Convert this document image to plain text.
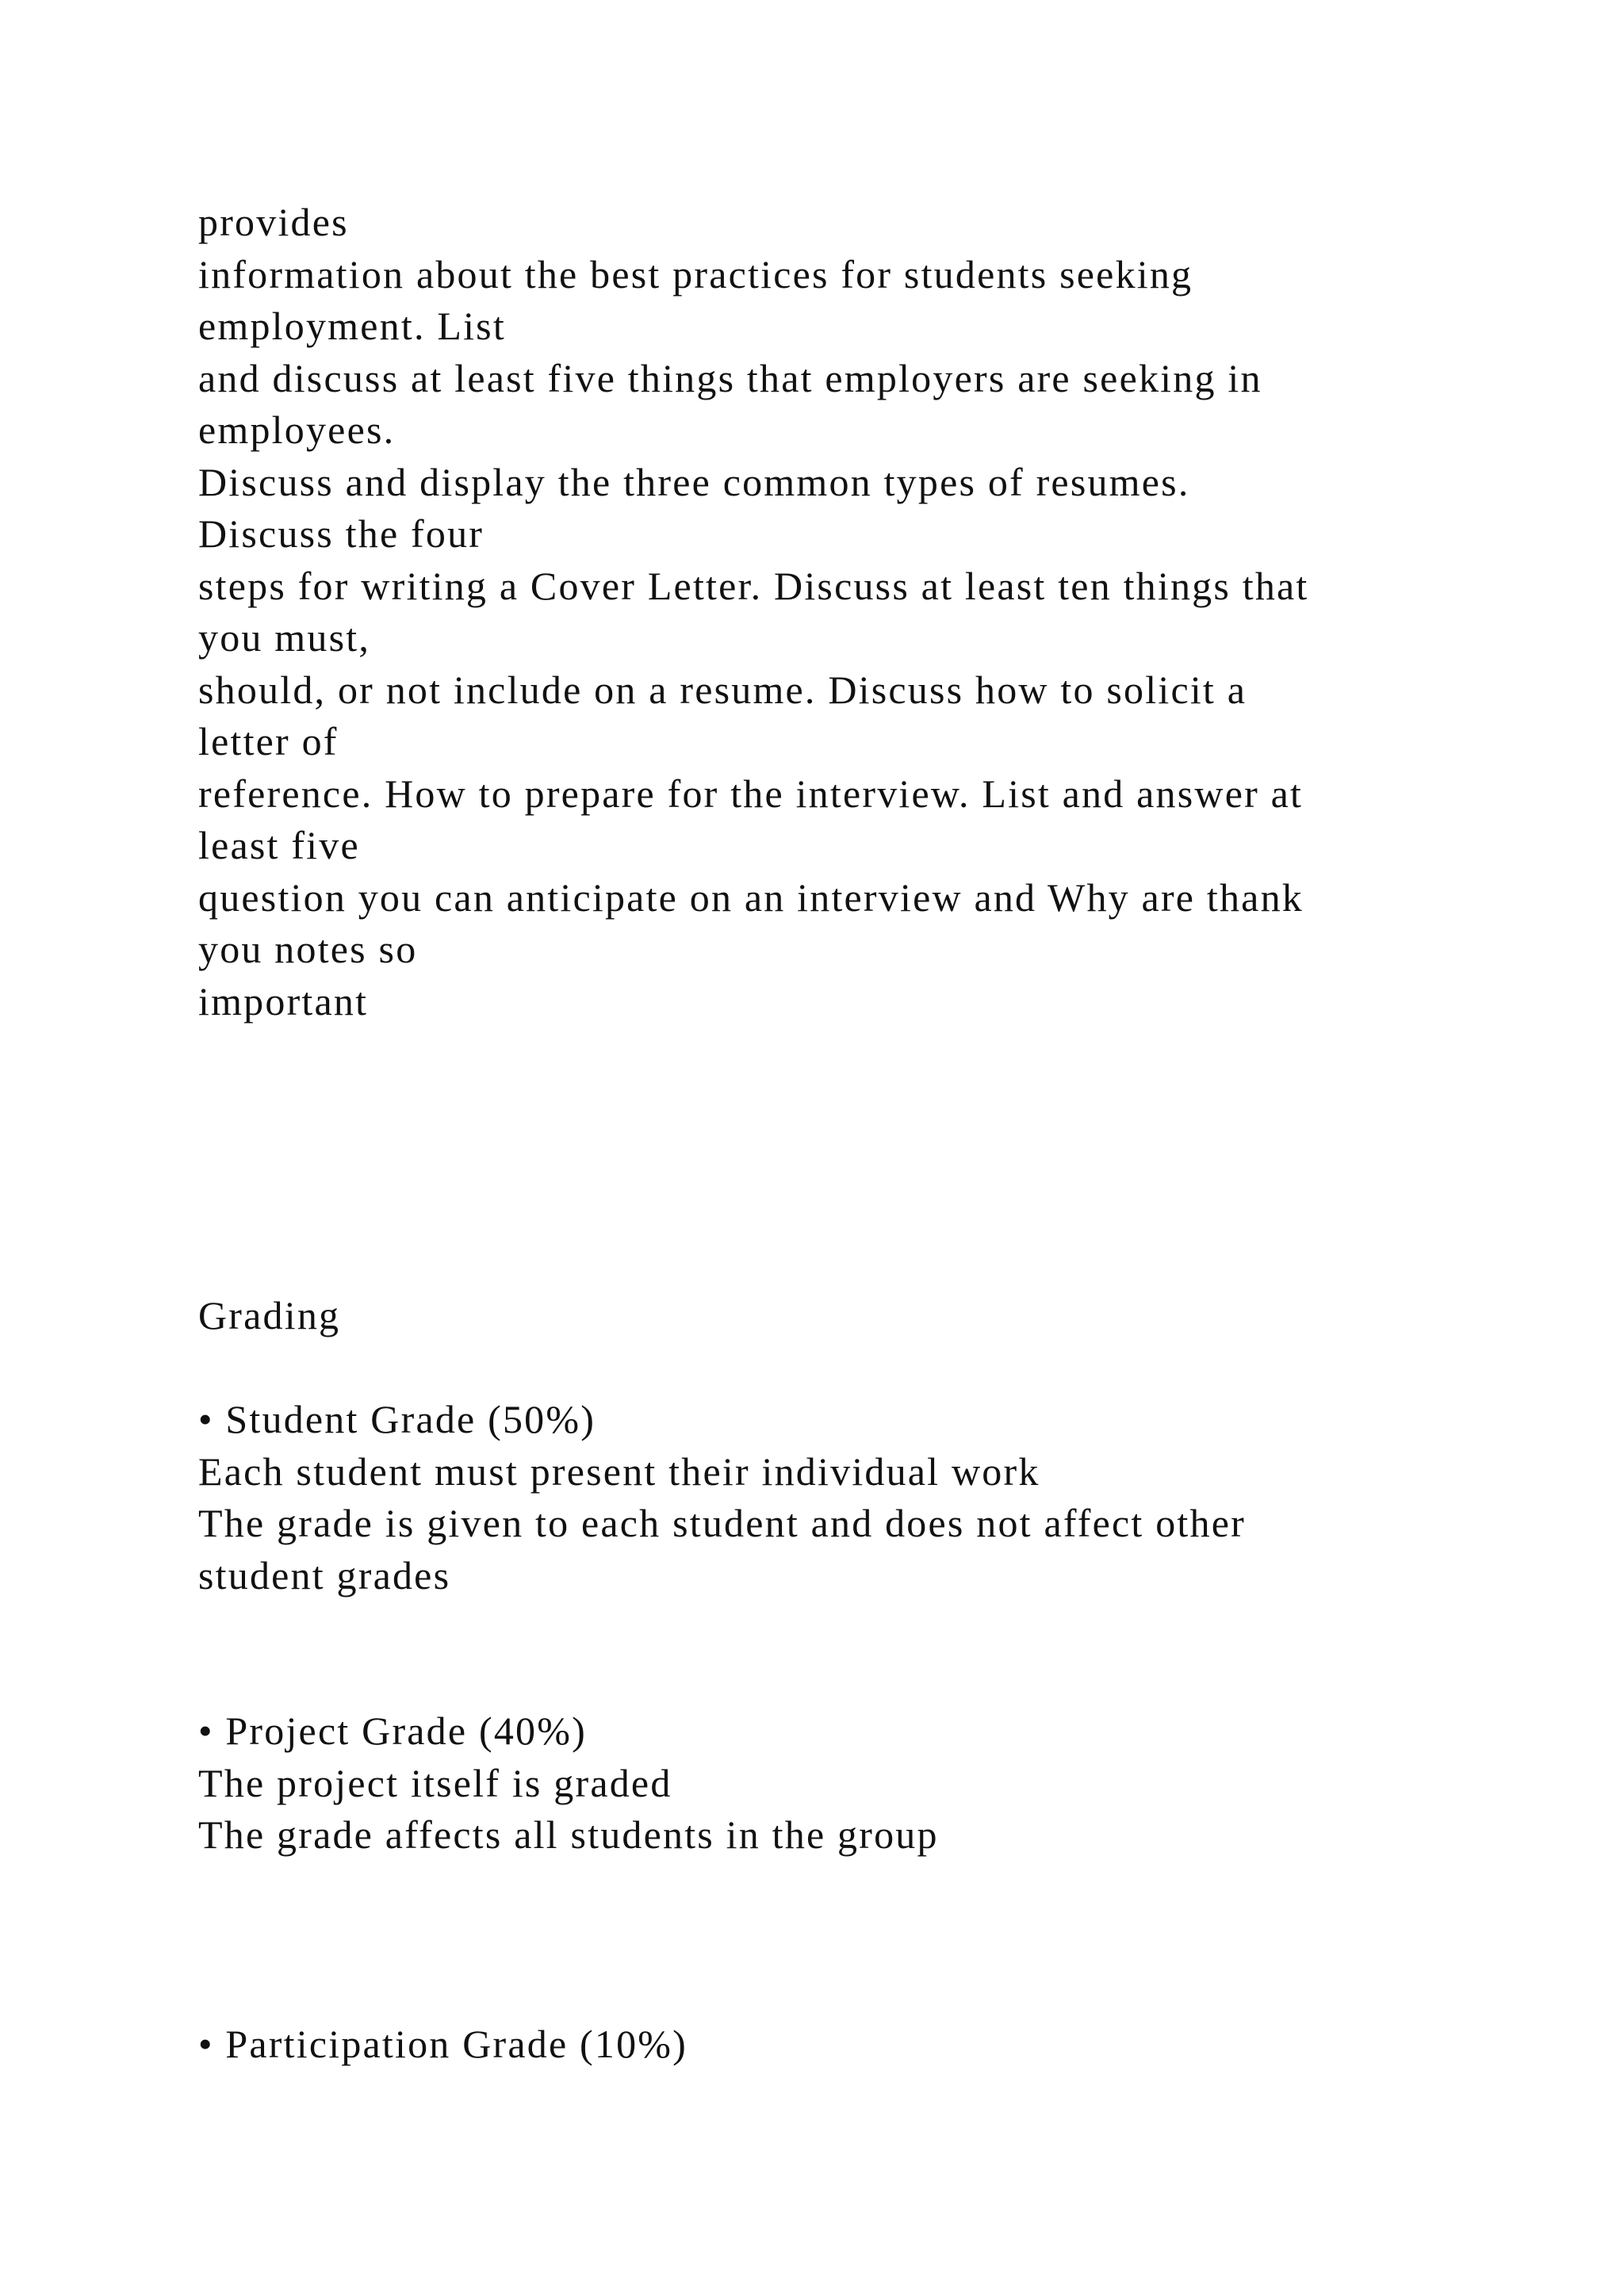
provides
information about the best practices for students seeking
employment. List
and discuss at least five things that employers are seeking in
employees.
Discuss and display the three common types of resumes.
Discuss the four
steps for writing a Cover Letter. Discuss at least ten things that
you must,
should, or not include on a resume. Discuss how to solicit a
letter of
reference. How to prepare for the interview. List and answer at
least five
question you can anticipate on an interview and Why are thank
you notes so
important
Grading
• Student Grade (50%)
Each student must present their individual work
The grade is given to each student and does not affect other
student grades
• Project Grade (40%)
The project itself is graded
The grade affects all students in the group
• Participation Grade (10%)
